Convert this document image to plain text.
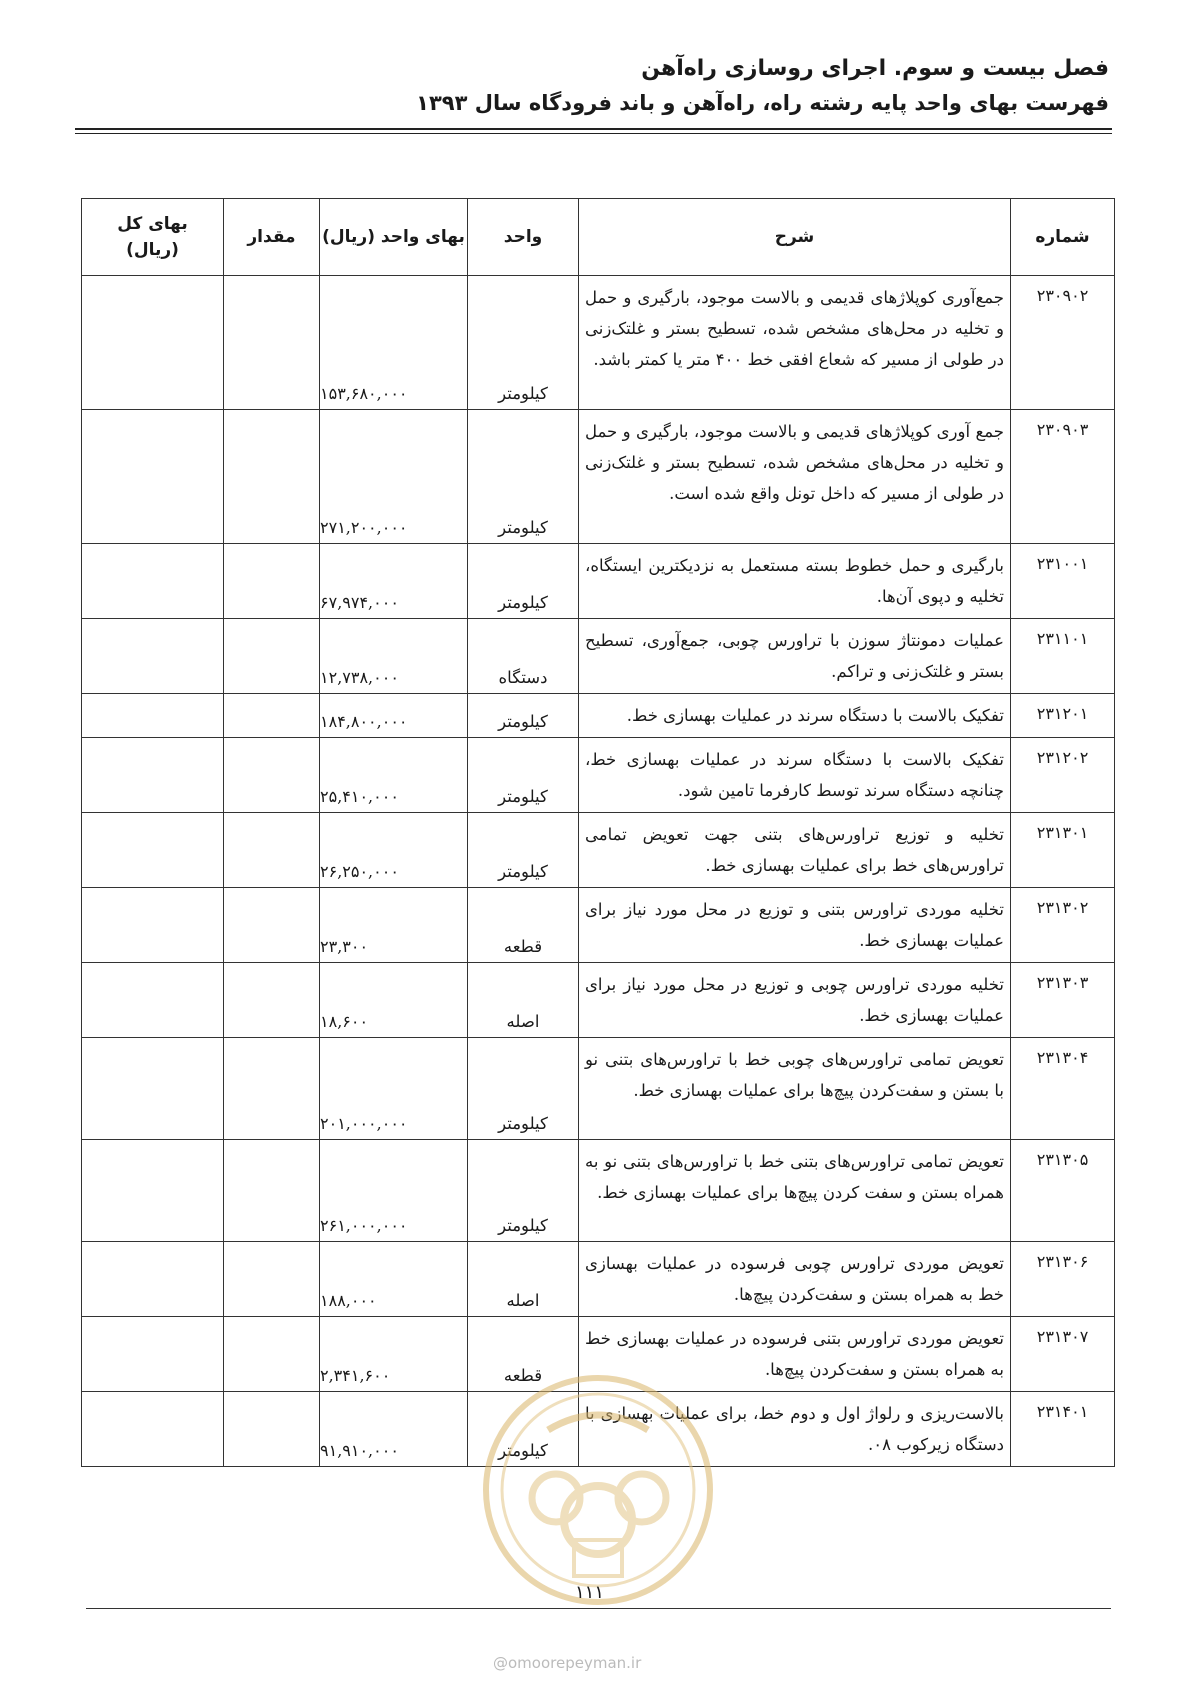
فصل بیست و سوم. اجرای روسازی راه‌آهن
فهرست بهای واحد پایه رشته راه، راه‌آهن و باند فرودگاه سال ۱۳۹۳
شماره	شرح	واحد	بهای واحد (ریال)	مقدار	بهای کل
(ریال)

۲۳۰۹۰۲	جمع‌آوری کوپلاژهای قدیمی و بالاست موجود، بارگیری و حمل و تخلیه در محل‌های مشخص شده، تسطیح بستر و غلتک‌زنی در طولی از مسیر که شعاع افقی خط ۴۰۰ متر یا کمتر باشد.	کیلومتر	۱۵۳,۶۸۰,۰۰۰		
۲۳۰۹۰۳	جمع آوری کوپلاژهای قدیمی و بالاست موجود، بارگیری و حمل و تخلیه در محل‌های مشخص شده، تسطیح بستر و غلتک‌زنی در طولی از مسیر که داخل تونل واقع شده است.	کیلومتر	۲۷۱,۲۰۰,۰۰۰		
۲۳۱۰۰۱	بارگیری و حمل خطوط بسته مستعمل به نزدیکترین ایستگاه، تخلیه و دپوی آن‌ها.	کیلومتر	۶۷,۹۷۴,۰۰۰		
۲۳۱۱۰۱	عملیات دمونتاژ سوزن با تراورس چوبی، جمع‌آوری، تسطیح بستر و غلتک‌زنی و تراکم.	دستگاه	۱۲,۷۳۸,۰۰۰		
۲۳۱۲۰۱	تفکیک بالاست با دستگاه سرند در عملیات بهسازی خط.	کیلومتر	۱۸۴,۸۰۰,۰۰۰		
۲۳۱۲۰۲	تفکیک بالاست با دستگاه سرند در عملیات بهسازی خط، چنانچه دستگاه سرند توسط کارفرما تامین شود.	کیلومتر	۲۵,۴۱۰,۰۰۰		
۲۳۱۳۰۱	تخلیه و توزیع تراورس‌های بتنی جهت تعویض تمامی تراورس‌های خط برای عملیات بهسازی خط.	کیلومتر	۲۶,۲۵۰,۰۰۰		
۲۳۱۳۰۲	تخلیه موردی تراورس بتنی و توزیع در محل مورد نیاز برای عملیات بهسازی خط.	قطعه	۲۳,۳۰۰		
۲۳۱۳۰۳	تخلیه موردی تراورس چوبی و توزیع در محل مورد نیاز برای عملیات بهسازی خط.	اصله	۱۸,۶۰۰		
۲۳۱۳۰۴	تعویض تمامی تراورس‌های چوبی خط با تراورس‌های بتنی نو با بستن و سفت‌کردن پیچ‌ها برای عملیات بهسازی خط.	کیلومتر	۲۰۱,۰۰۰,۰۰۰		
۲۳۱۳۰۵	تعویض تمامی تراورس‌های بتنی خط با تراورس‌های بتنی نو به همراه بستن و سفت کردن پیچ‌ها برای عملیات بهسازی خط.	کیلومتر	۲۶۱,۰۰۰,۰۰۰		
۲۳۱۳۰۶	تعویض موردی تراورس چوبی فرسوده در عملیات بهسازی خط به همراه بستن و سفت‌کردن پیچ‌ها.	اصله	۱۸۸,۰۰۰		
۲۳۱۳۰۷	تعویض موردی تراورس بتنی فرسوده در عملیات بهسازی خط به همراه بستن و سفت‌کردن پیچ‌ها.	قطعه	۲,۳۴۱,۶۰۰		
۲۳۱۴۰۱	بالاست‌ریزی و رلواژ اول و دوم خط، برای عملیات بهسازی با دستگاه زیرکوب ۰۸.	کیلومتر	۹۱,۹۱۰,۰۰۰		
۱۱۱
@omoorepeyman.ir
